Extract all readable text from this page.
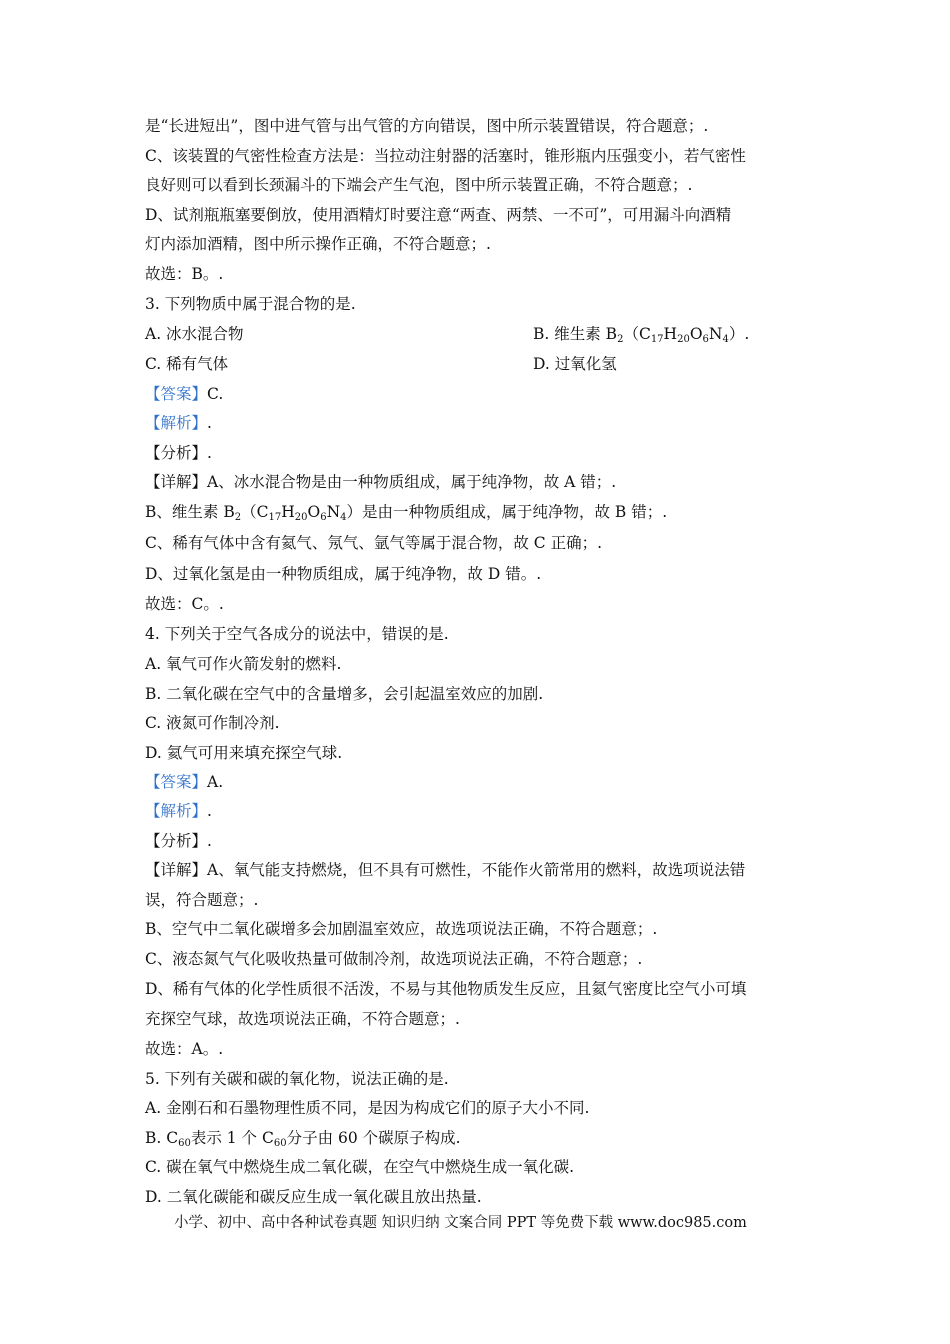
是“长进短出”，图中进气管与出气管的方向错误，图中所示装置错误，符合题意；.
C、该装置的气密性检查方法是：当拉动注射器的活塞时，锥形瓶内压强变小，若气密性
良好则可以看到长颈漏斗的下端会产生气泡，图中所示装置正确，不符合题意；.
D、试剂瓶瓶塞要倒放，使用酒精灯时要注意“两查、两禁、一不可”，可用漏斗向酒精
灯内添加酒精，图中所示操作正确，不符合题意；.
故选：B。.
3. 下列物质中属于混合物的是.
A. 冰水混合物	B. 维生素 $B_2(C_{17}H_{20}O_6N_4)$.
C. 稀有气体	D. 过氧化氢
【答案】C.
【解析】.
【分析】.
【详解】A、冰水混合物是由一种物质组成，属于纯净物，故 A 错；.
B、维生素 $B_2(C_{17}H_{20}O_6N_4)$是由一种物质组成，属于纯净物，故 B 错；.
C、稀有气体中含有氦气、氖气、氩气等属于混合物，故 C 正确；.
D、过氧化氢是由一种物质组成，属于纯净物，故 D 错。.
故选：C。.
4. 下列关于空气各成分的说法中，错误的是.
A. 氧气可作火箭发射的燃料.
B. 二氧化碳在空气中的含量增多，会引起温室效应的加剧.
C. 液氮可作制冷剂.
D. 氦气可用来填充探空气球.
【答案】A.
【解析】.
【分析】.
【详解】A、氧气能支持燃烧，但不具有可燃性，不能作火箭常用的燃料，故选项说法错
误，符合题意；.
B、空气中二氧化碳增多会加剧温室效应，故选项说法正确，不符合题意；.
C、液态氮气气化吸收热量可做制冷剂，故选项说法正确，不符合题意；.
D、稀有气体的化学性质很不活泼，不易与其他物质发生反应，且氦气密度比空气小可填
充探空气球，故选项说法正确，不符合题意；.
故选：A。.
5. 下列有关碳和碳的氧化物，说法正确的是.
A. 金刚石和石墨物理性质不同，是因为构成它们的原子大小不同.
B. $C_{60}$表示 1 个 $C_{60}$分子由 60 个碳原子构成.
C. 碳在氧气中燃烧生成二氧化碳，在空气中燃烧生成一氧化碳.
D. 二氧化碳能和碳反应生成一氧化碳且放出热量.
小学、初中、高中各种试卷真题 知识归纳 文案合同 PPT 等免费下载 www.doc985.com
